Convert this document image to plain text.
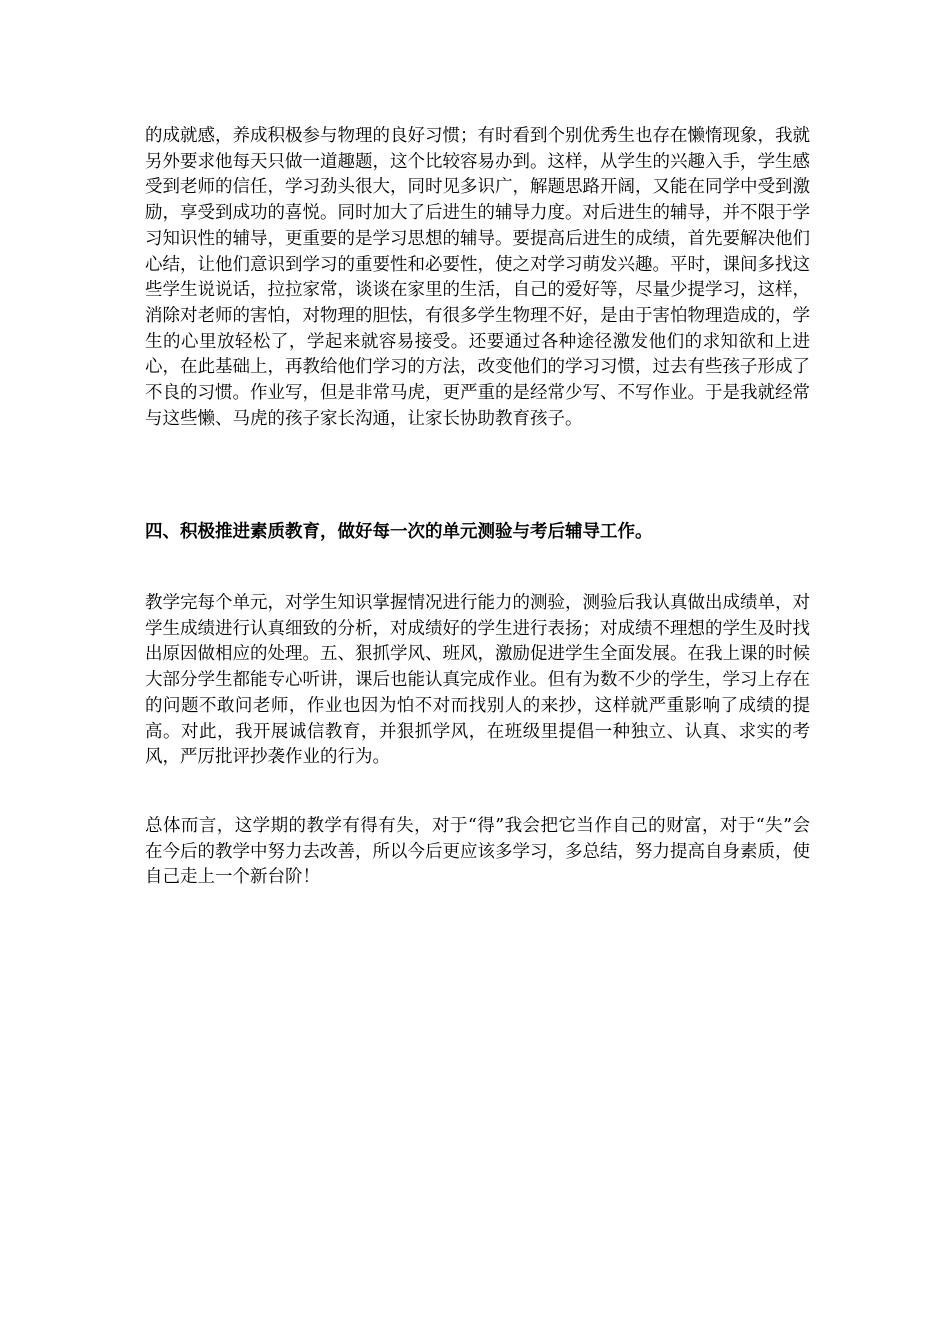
的成就感，养成积极参与物理的良好习惯；有时看到个别优秀生也存在懒惰现象，我就另外要求他每天只做一道趣题，这个比较容易办到。这样，从学生的兴趣入手，学生感受到老师的信任，学习劲头很大，同时见多识广，解题思路开阔，又能在同学中受到激励，享受到成功的喜悦。同时加大了后进生的辅导力度。对后进生的辅导，并不限于学习知识性的辅导，更重要的是学习思想的辅导。要提高后进生的成绩，首先要解决他们心结，让他们意识到学习的重要性和必要性，使之对学习萌发兴趣。平时，课间多找这些学生说说话，拉拉家常，谈谈在家里的生活，自己的爱好等，尽量少提学习，这样，消除对老师的害怕，对物理的胆怯，有很多学生物理不好，是由于害怕物理造成的，学生的心里放轻松了，学起来就容易接受。还要通过各种途径激发他们的求知欲和上进心，在此基础上，再教给他们学习的方法，改变他们的学习习惯，过去有些孩子形成了不良的习惯。作业写，但是非常马虎，更严重的是经常少写、不写作业。于是我就经常与这些懒、马虎的孩子家长沟通，让家长协助教育孩子。

四、积极推进素质教育，做好每一次的单元测验与考后辅导工作。

教学完每个单元，对学生知识掌握情况进行能力的测验，测验后我认真做出成绩单，对学生成绩进行认真细致的分析，对成绩好的学生进行表扬；对成绩不理想的学生及时找出原因做相应的处理。五、狠抓学风、班风，激励促进学生全面发展。在我上课的时候大部分学生都能专心听讲，课后也能认真完成作业。但有为数不少的学生，学习上存在的问题不敢问老师，作业也因为怕不对而找别人的来抄，这样就严重影响了成绩的提高。对此，我开展诚信教育，并狠抓学风，在班级里提倡一种独立、认真、求实的考风，严厉批评抄袭作业的行为。

总体而言，这学期的教学有得有失，对于“得”我会把它当作自己的财富，对于“失”会在今后的教学中努力去改善，所以今后更应该多学习，多总结，努力提高自身素质，使自己走上一个新台阶！
